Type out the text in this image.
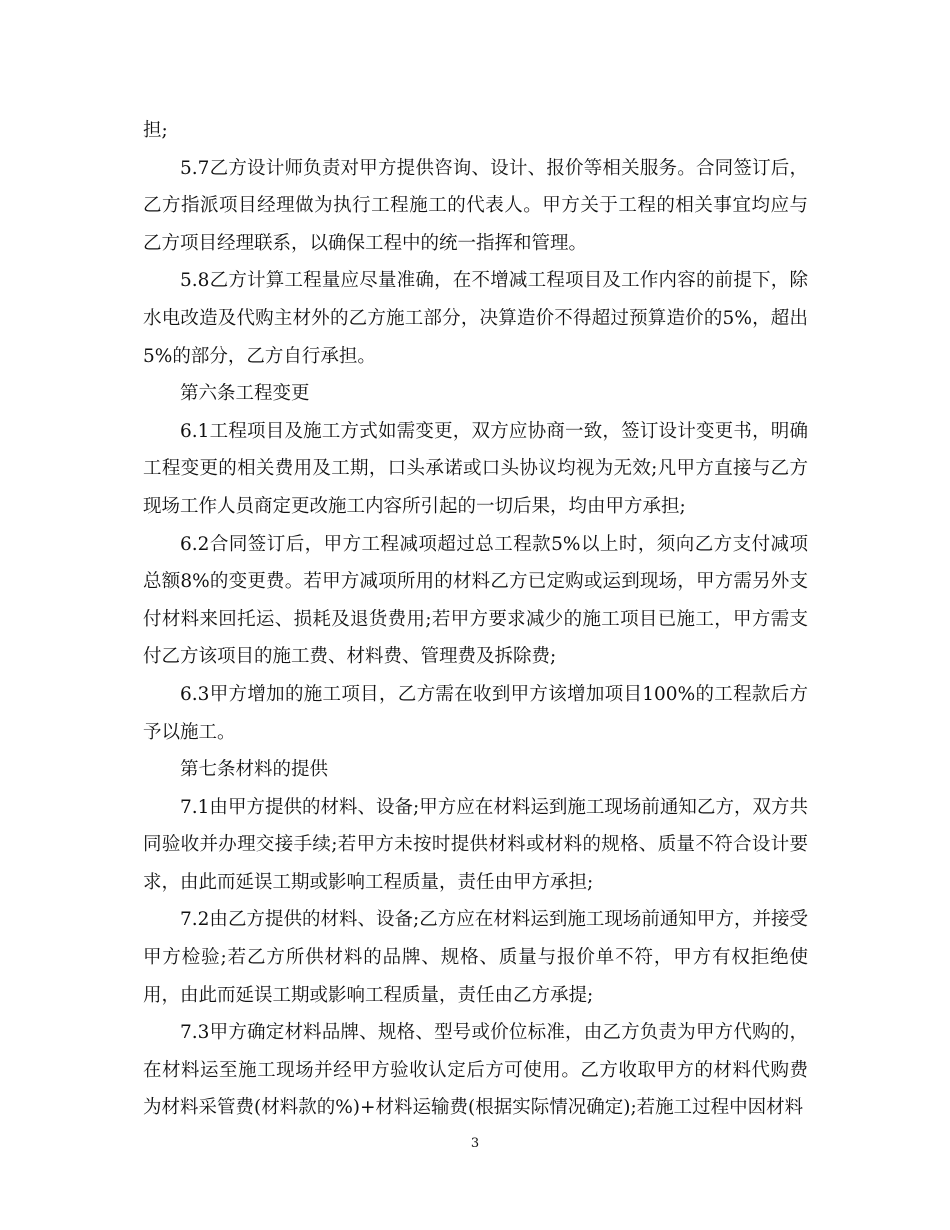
担;

5.7乙方设计师负责对甲方提供咨询、设计、报价等相关服务。合同签订后，乙方指派项目经理做为执行工程施工的代表人。甲方关于工程的相关事宜均应与乙方项目经理联系，以确保工程中的统一指挥和管理。

5.8乙方计算工程量应尽量准确，在不增减工程项目及工作内容的前提下，除水电改造及代购主材外的乙方施工部分，决算造价不得超过预算造价的5%，超出5%的部分，乙方自行承担。

第六条工程变更

6.1工程项目及施工方式如需变更，双方应协商一致，签订设计变更书，明确工程变更的相关费用及工期，口头承诺或口头协议均视为无效;凡甲方直接与乙方现场工作人员商定更改施工内容所引起的一切后果，均由甲方承担;

6.2合同签订后，甲方工程减项超过总工程款5%以上时，须向乙方支付减项总额8%的变更费。若甲方减项所用的材料乙方已定购或运到现场，甲方需另外支付材料来回托运、损耗及退货费用;若甲方要求减少的施工项目已施工，甲方需支付乙方该项目的施工费、材料费、管理费及拆除费;

6.3甲方增加的施工项目，乙方需在收到甲方该增加项目100%的工程款后方予以施工。

第七条材料的提供

7.1由甲方提供的材料、设备;甲方应在材料运到施工现场前通知乙方，双方共同验收并办理交接手续;若甲方未按时提供材料或材料的规格、质量不符合设计要求，由此而延误工期或影响工程质量，责任由甲方承担;

7.2由乙方提供的材料、设备;乙方应在材料运到施工现场前通知甲方，并接受甲方检验;若乙方所供材料的品牌、规格、质量与报价单不符，甲方有权拒绝使用，由此而延误工期或影响工程质量，责任由乙方承提;

7.3甲方确定材料品牌、规格、型号或价位标准，由乙方负责为甲方代购的，在材料运至施工现场并经甲方验收认定后方可使用。乙方收取甲方的材料代购费为材料采管费(材料款的%)+材料运输费(根据实际情况确定);若施工过程中因材料

3
